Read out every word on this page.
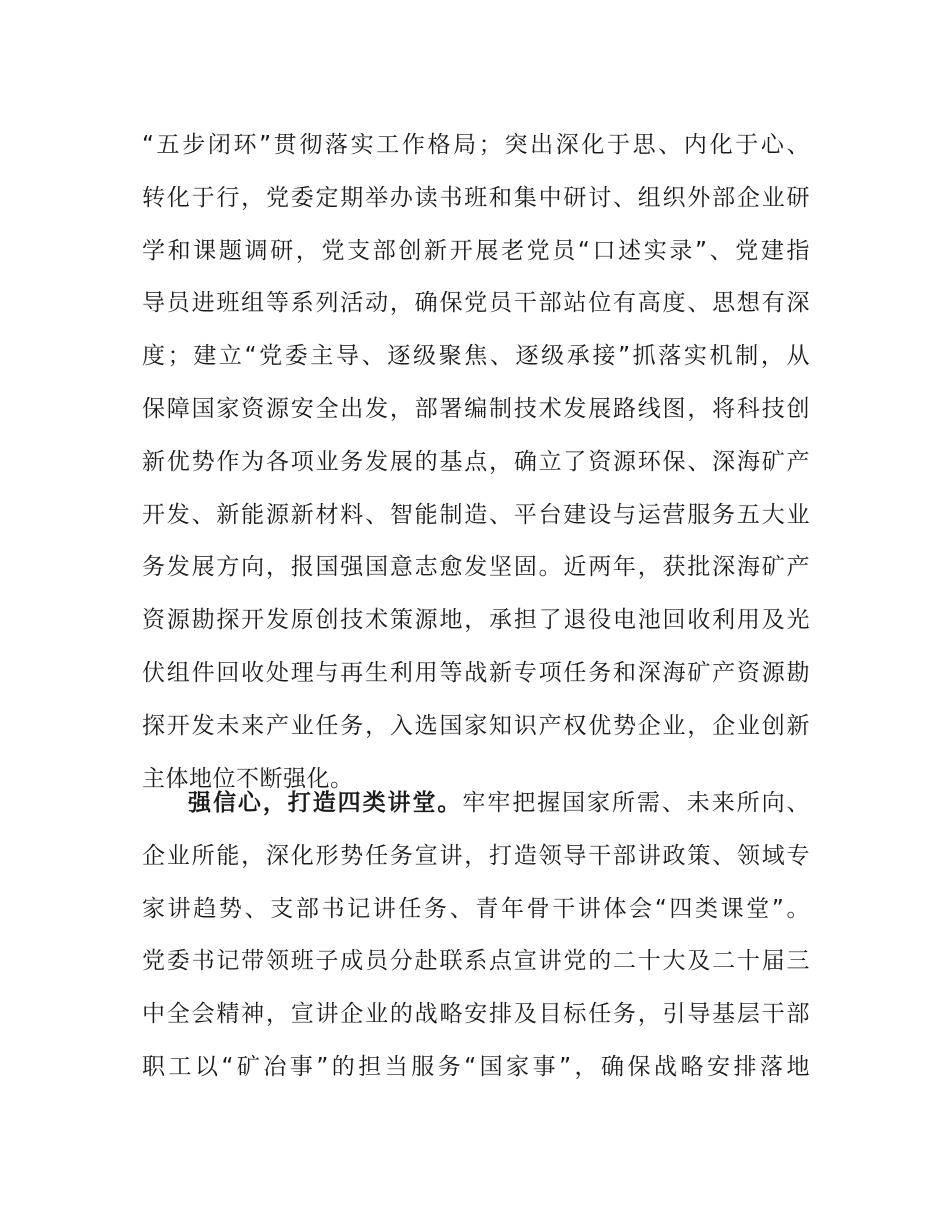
“五步闭环”贯彻落实工作格局；突出深化于思、内化于心、
转化于行，党委定期举办读书班和集中研讨、组织外部企业研
学和课题调研，党支部创新开展老党员“口述实录”、党建指
导员进班组等系列活动，确保党员干部站位有高度、思想有深
度；建立“党委主导、逐级聚焦、逐级承接”抓落实机制，从
保障国家资源安全出发，部署编制技术发展路线图，将科技创
新优势作为各项业务发展的基点，确立了资源环保、深海矿产
开发、新能源新材料、智能制造、平台建设与运营服务五大业
务发展方向，报国强国意志愈发坚固。近两年，获批深海矿产
资源勘探开发原创技术策源地，承担了退役电池回收利用及光
伏组件回收处理与再生利用等战新专项任务和深海矿产资源勘
探开发未来产业任务，入选国家知识产权优势企业，企业创新
主体地位不断强化。
强信心，打造四类讲堂。牢牢把握国家所需、未来所向、
企业所能，深化形势任务宣讲，打造领导干部讲政策、领域专
家讲趋势、支部书记讲任务、青年骨干讲体会“四类课堂”。
党委书记带领班子成员分赴联系点宣讲党的二十大及二十届三
中全会精神，宣讲企业的战略安排及目标任务，引导基层干部
职工以“矿冶事”的担当服务“国家事”，确保战略安排落地
